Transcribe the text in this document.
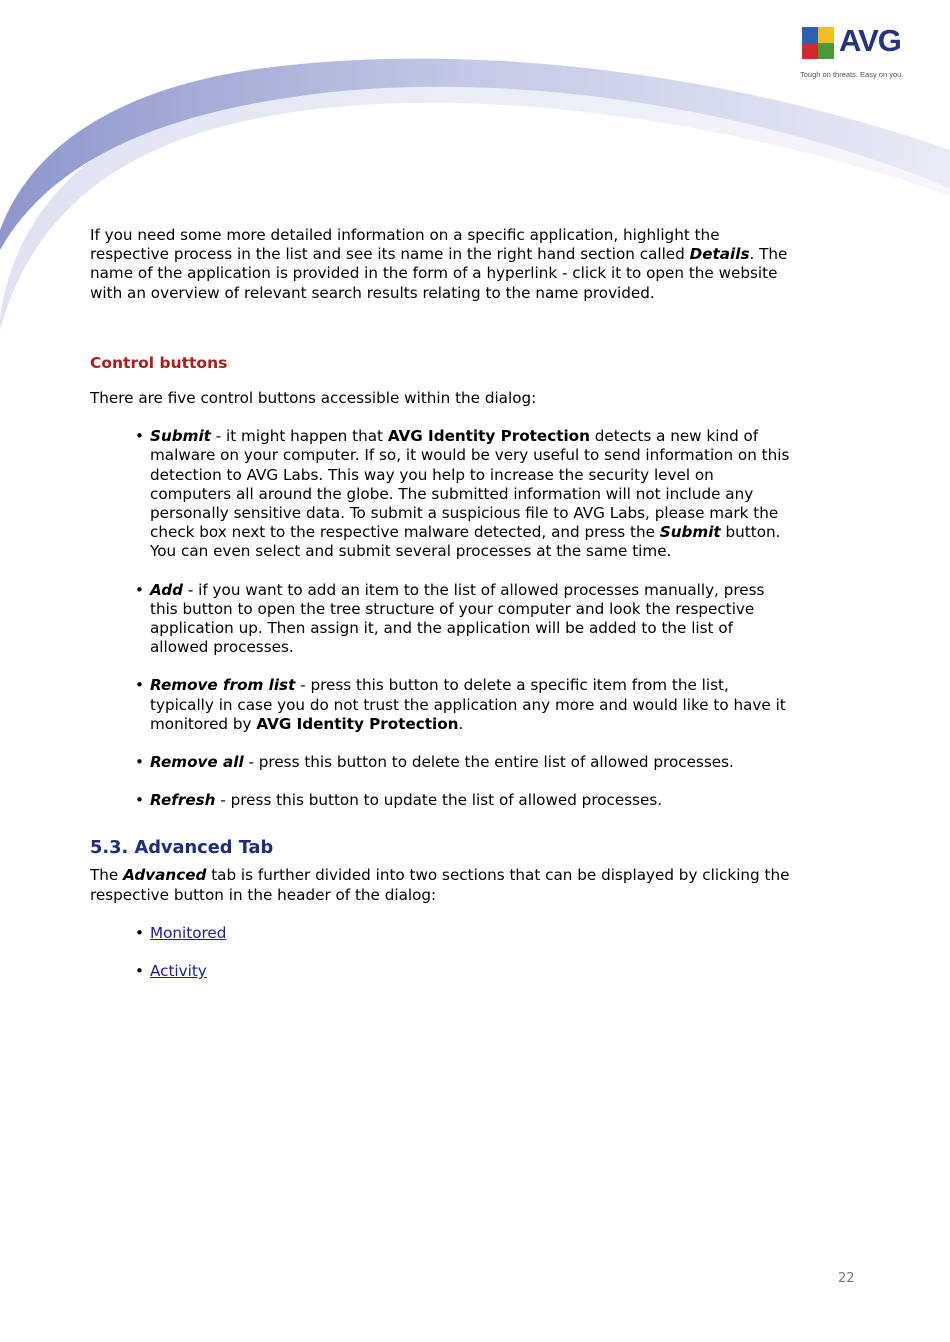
AVG
Tough on threats. Easy on you.

If you need some more detailed information on a specific application, highlight the respective process in the list and see its name in the right hand section called Details. The name of the application is provided in the form of a hyperlink - click it to open the website with an overview of relevant search results relating to the name provided.

Control buttons

There are five control buttons accessible within the dialog:

• Submit - it might happen that AVG Identity Protection detects a new kind of malware on your computer. If so, it would be very useful to send information on this detection to AVG Labs. This way you help to increase the security level on computers all around the globe. The submitted information will not include any personally sensitive data. To submit a suspicious file to AVG Labs, please mark the check box next to the respective malware detected, and press the Submit button. You can even select and submit several processes at the same time.
• Add - if you want to add an item to the list of allowed processes manually, press this button to open the tree structure of your computer and look the respective application up. Then assign it, and the application will be added to the list of allowed processes.
• Remove from list - press this button to delete a specific item from the list, typically in case you do not trust the application any more and would like to have it monitored by AVG Identity Protection.
• Remove all - press this button to delete the entire list of allowed processes.
• Refresh - press this button to update the list of allowed processes.

5.3. Advanced Tab

The Advanced tab is further divided into two sections that can be displayed by clicking the respective button in the header of the dialog:

• Monitored
• Activity
22
